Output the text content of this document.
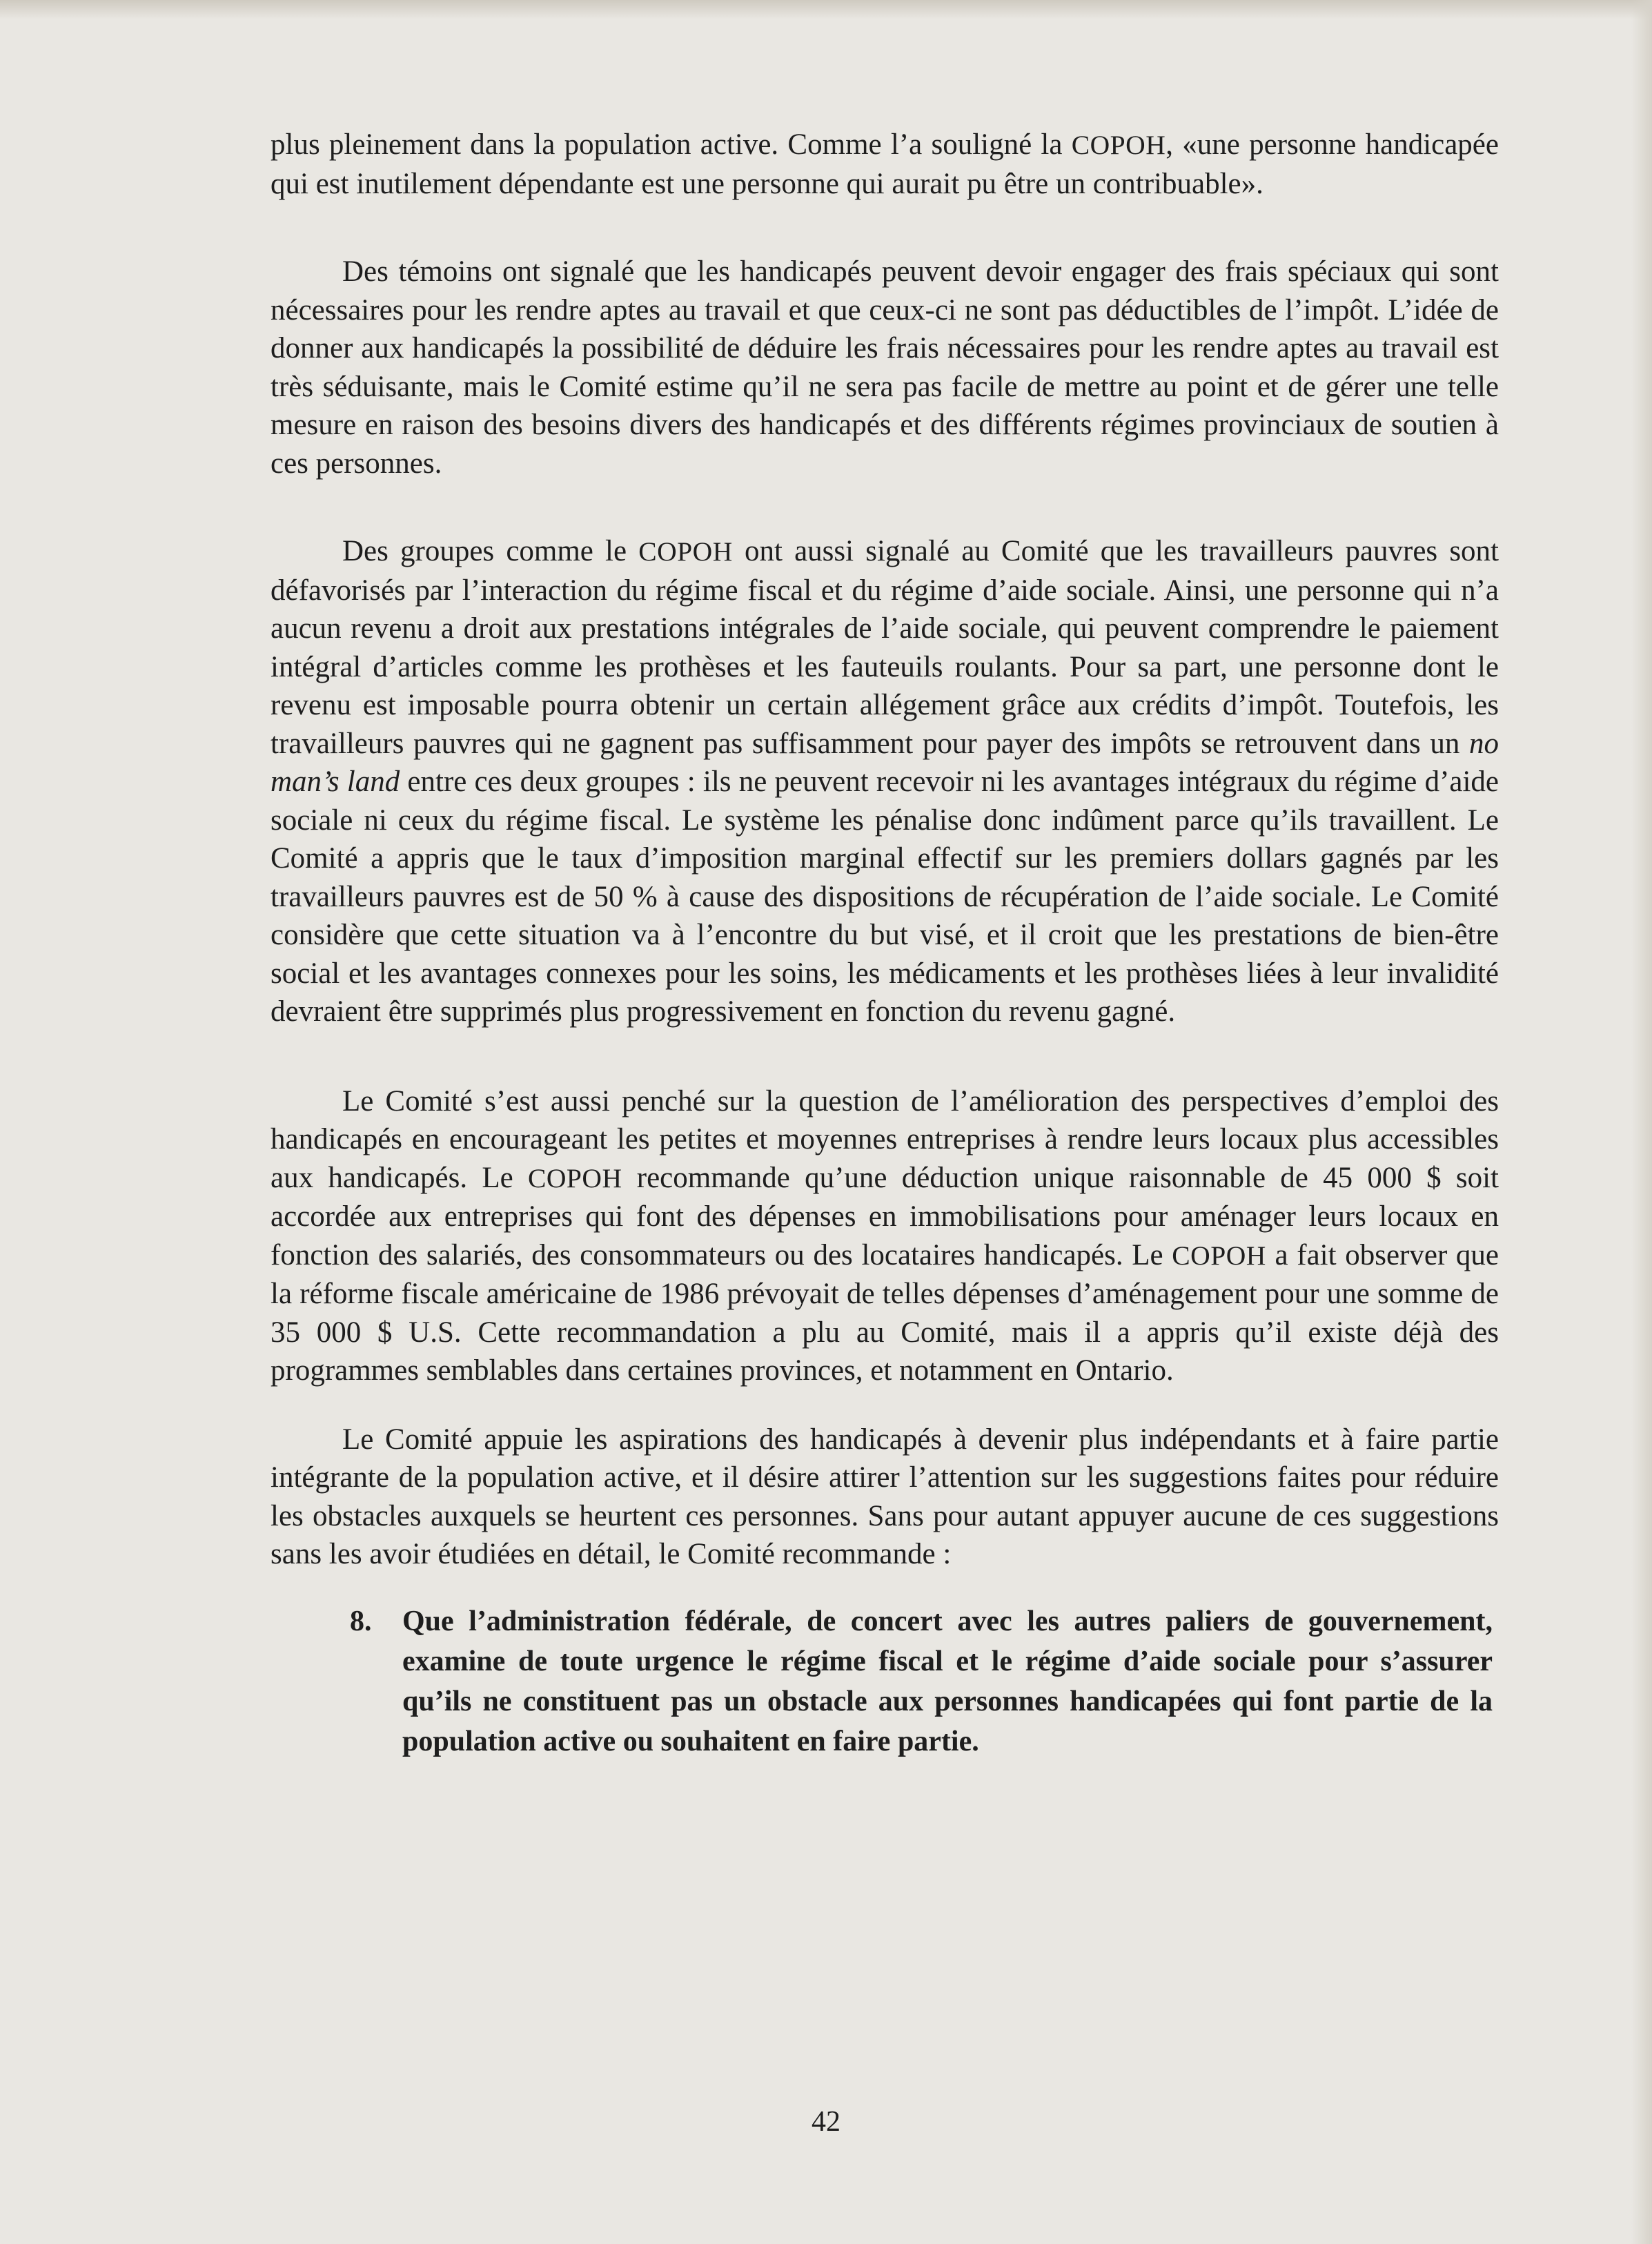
plus pleinement dans la population active. Comme l’a souligné la COPOH, «une personne handicapée qui est inutilement dépendante est une personne qui aurait pu être un contribuable».

Des témoins ont signalé que les handicapés peuvent devoir engager des frais spéciaux qui sont nécessaires pour les rendre aptes au travail et que ceux-ci ne sont pas déductibles de l’impôt. L’idée de donner aux handicapés la possibilité de déduire les frais nécessaires pour les rendre aptes au travail est très séduisante, mais le Comité estime qu’il ne sera pas facile de mettre au point et de gérer une telle mesure en raison des besoins divers des handicapés et des différents régimes provinciaux de soutien à ces personnes.

Des groupes comme le COPOH ont aussi signalé au Comité que les travailleurs pauvres sont défavorisés par l’interaction du régime fiscal et du régime d’aide sociale. Ainsi, une personne qui n’a aucun revenu a droit aux prestations intégrales de l’aide sociale, qui peuvent comprendre le paiement intégral d’articles comme les prothèses et les fauteuils roulants. Pour sa part, une personne dont le revenu est imposable pourra obtenir un certain allégement grâce aux crédits d’impôt. Toutefois, les travailleurs pauvres qui ne gagnent pas suffisamment pour payer des impôts se retrouvent dans un no man’s land entre ces deux groupes : ils ne peuvent recevoir ni les avantages intégraux du régime d’aide sociale ni ceux du régime fiscal. Le système les pénalise donc indûment parce qu’ils travaillent. Le Comité a appris que le taux d’imposition marginal effectif sur les premiers dollars gagnés par les travailleurs pauvres est de 50 % à cause des dispositions de récupération de l’aide sociale. Le Comité considère que cette situation va à l’encontre du but visé, et il croit que les prestations de bien-être social et les avantages connexes pour les soins, les médicaments et les prothèses liées à leur invalidité devraient être supprimés plus progressivement en fonction du revenu gagné.

Le Comité s’est aussi penché sur la question de l’amélioration des perspectives d’emploi des handicapés en encourageant les petites et moyennes entreprises à rendre leurs locaux plus accessibles aux handicapés. Le COPOH recommande qu’une déduction unique raisonnable de 45 000 $ soit accordée aux entreprises qui font des dépenses en immobilisations pour aménager leurs locaux en fonction des salariés, des consommateurs ou des locataires handicapés. Le COPOH a fait observer que la réforme fiscale américaine de 1986 prévoyait de telles dépenses d’aménagement pour une somme de 35 000 $ U.S. Cette recommandation a plu au Comité, mais il a appris qu’il existe déjà des programmes semblables dans certaines provinces, et notamment en Ontario.

Le Comité appuie les aspirations des handicapés à devenir plus indépendants et à faire partie intégrante de la population active, et il désire attirer l’attention sur les suggestions faites pour réduire les obstacles auxquels se heurtent ces personnes. Sans pour autant appuyer aucune de ces suggestions sans les avoir étudiées en détail, le Comité recommande :

8. Que l’administration fédérale, de concert avec les autres paliers de gouvernement, examine de toute urgence le régime fiscal et le régime d’aide sociale pour s’assurer qu’ils ne constituent pas un obstacle aux personnes handicapées qui font partie de la population active ou souhaitent en faire partie.
42
